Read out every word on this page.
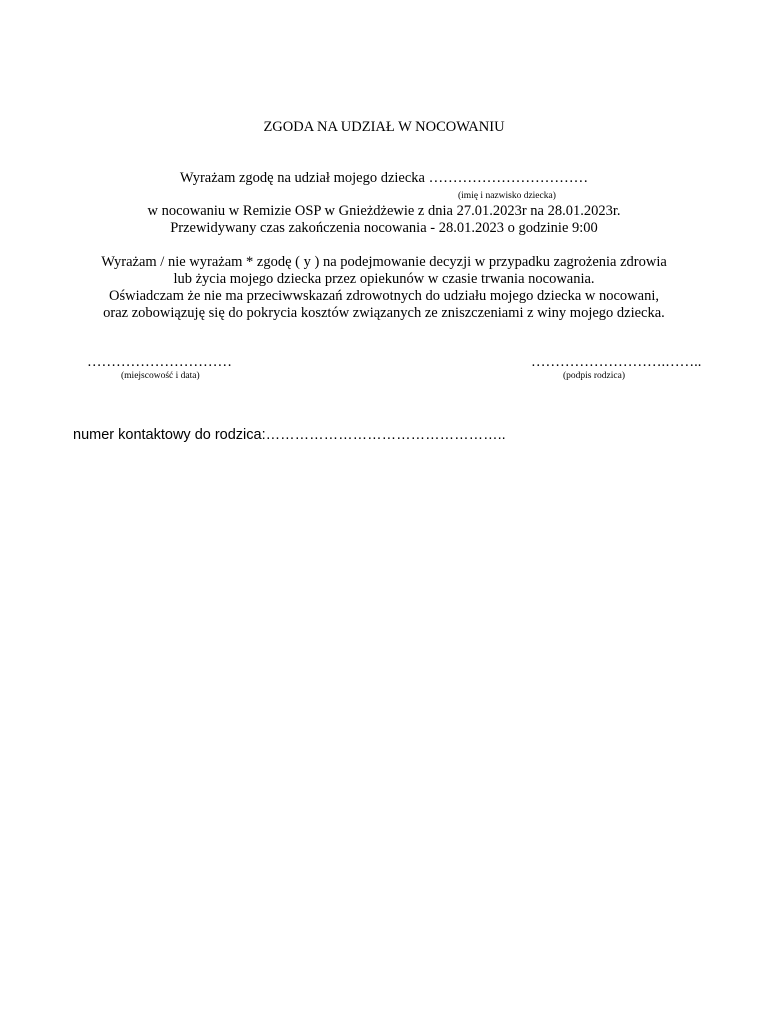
ZGODA NA UDZIAŁ W NOCOWANIU
Wyrażam zgodę na udział mojego dziecka ……………………………
(imię i nazwisko dziecka)
w nocowaniu w Remizie OSP w Gnieżdżewie z dnia 27.01.2023r na 28.01.2023r.
Przewidywany czas zakończenia nocowania - 28.01.2023 o godzinie 9:00
Wyrażam / nie wyrażam * zgodę ( y ) na podejmowanie decyzji w przypadku zagrożenia zdrowia
lub życia mojego dziecka przez opiekunów w czasie trwania nocowania.
Oświadczam że nie ma przeciwwskazań zdrowotnych do udziału mojego dziecka w nocowani,
oraz zobowiązuję się do pokrycia kosztów związanych ze zniszczeniami z winy mojego dziecka.
…………………………
(miejscowość i data)
……………………….……..
(podpis rodzica)
numer kontaktowy do rodzica:…………………………………………..
